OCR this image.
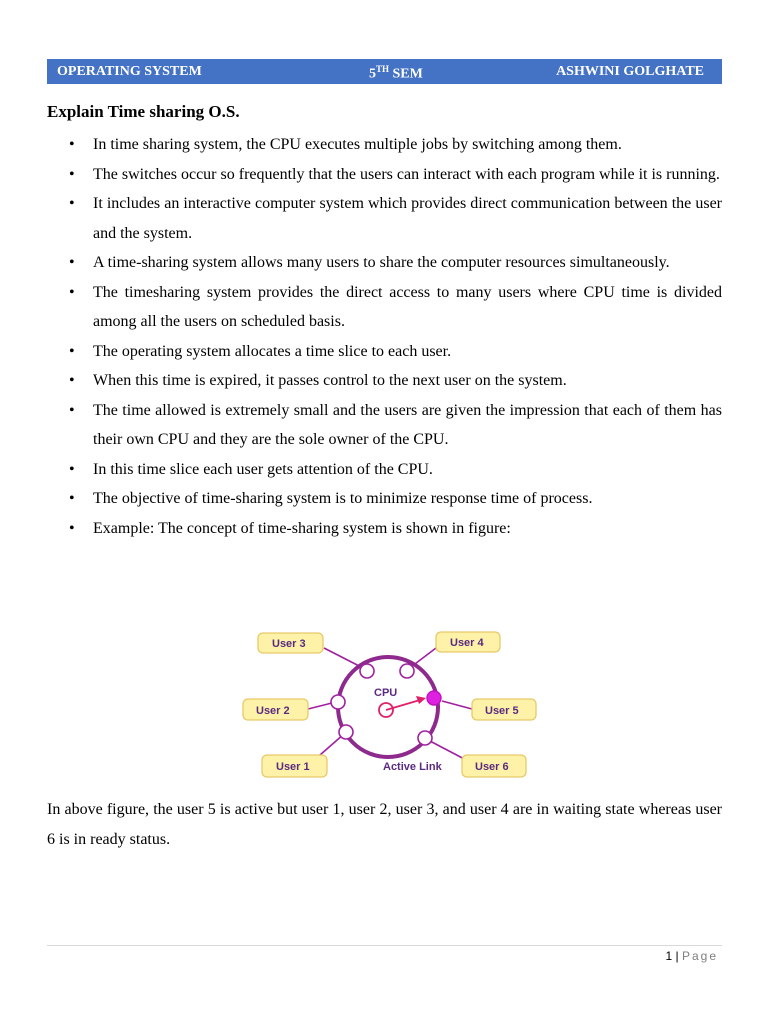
OPERATING SYSTEM	5TH SEM	ASHWINI GOLGHATE
Explain Time sharing O.S.
• In time sharing system, the CPU executes multiple jobs by switching among them.
• The switches occur so frequently that the users can interact with each program while it is running.
• It includes an interactive computer system which provides direct communication between the user and the system.
• A time-sharing system allows many users to share the computer resources simultaneously.
• The timesharing system provides the direct access to many users where CPU time is divided among all the users on scheduled basis.
• The operating system allocates a time slice to each user.
• When this time is expired, it passes control to the next user on the system.
• The time allowed is extremely small and the users are given the impression that each of them has their own CPU and they are the sole owner of the CPU.
• In this time slice each user gets attention of the CPU.
• The objective of time-sharing system is to minimize response time of process.
• Example: The concept of time-sharing system is shown in figure:
CPU
Active Link
User 3	User 4
User 2	User 5
User 1	User 6
In above figure, the user 5 is active but user 1, user 2, user 3, and user 4 are in waiting state whereas user 6 is in ready status.
1 | Page
